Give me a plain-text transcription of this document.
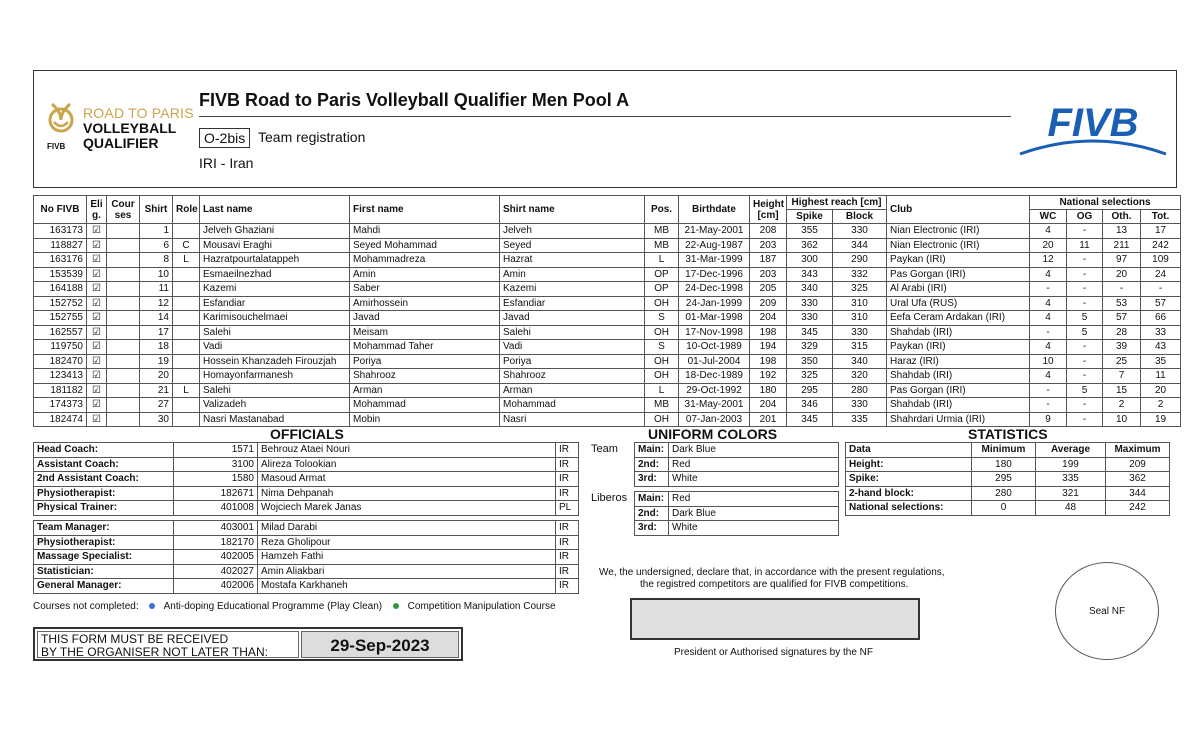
FIVB
ROAD TO PARIS
VOLLEYBALL
QUALIFIER
FIVB Road to Paris Volleyball Qualifier Men Pool A
O-2bis Team registration
IRI - Iran
FIVB
No FIVB	Eli g.	Cour ses	Shirt	Role	Last name	First name	Shirt name	Pos.	Birthdate	Height [cm]	Highest reach [cm]		Club	National selections			
											Spike	Block		WC	OG	Oth.	Tot.
163173	☑		1		Jelveh Ghaziani	Mahdi	Jelveh	MB	21-May-2001	208	355	330	Nian Electronic (IRI)	4	-	13	17
118827	☑		6	C	Mousavi Eraghi	Seyed Mohammad	Seyed	MB	22-Aug-1987	203	362	344	Nian Electronic (IRI)	20	11	211	242
163176	☑		8	L	Hazratpourtalatappeh	Mohammadreza	Hazrat	L	31-Mar-1999	187	300	290	Paykan (IRI)	12	-	97	109
153539	☑		10		Esmaeilnezhad	Amin	Amin	OP	17-Dec-1996	203	343	332	Pas Gorgan (IRI)	4	-	20	24
164188	☑		11		Kazemi	Saber	Kazemi	OP	24-Dec-1998	205	340	325	Al Arabi (IRI)	-	-	-	-
152752	☑		12		Esfandiar	Amirhossein	Esfandiar	OH	24-Jan-1999	209	330	310	Ural Ufa (RUS)	4	-	53	57
152755	☑		14		Karimisouchelmaei	Javad	Javad	S	01-Mar-1998	204	330	310	Eefa Ceram Ardakan (IRI)	4	5	57	66
162557	☑		17		Salehi	Meisam	Salehi	OH	17-Nov-1998	198	345	330	Shahdab (IRI)	-	5	28	33
119750	☑		18		Vadi	Mohammad Taher	Vadi	S	10-Oct-1989	194	329	315	Paykan (IRI)	4	-	39	43
182470	☑		19		Hossein Khanzadeh Firouzjah	Poriya	Poriya	OH	01-Jul-2004	198	350	340	Haraz (IRI)	10	-	25	35
123413	☑		20		Homayonfarmanesh	Shahrooz	Shahrooz	OH	18-Dec-1989	192	325	320	Shahdab (IRI)	4	-	7	11
181182	☑		21	L	Salehi	Arman	Arman	L	29-Oct-1992	180	295	280	Pas Gorgan (IRI)	-	5	15	20
174373	☑		27		Valizadeh	Mohammad	Mohammad	MB	31-May-2001	204	346	330	Shahdab (IRI)	-	-	2	2
182474	☑		30		Nasri Mastanabad	Mobin	Nasri	OH	07-Jan-2003	201	345	335	Shahrdari Urmia (IRI)	9	-	10	19
OFFICIALS	UNIFORM COLORS	STATISTICS
Head Coach:	1571	Behrouz Ataei Nouri	IR
Assistant Coach:	3100	Alireza Tolookian	IR
2nd Assistant Coach:	1580	Masoud Armat	IR
Physiotherapist:	182671	Nima Dehpanah	IR
Physical Trainer:	401008	Wojciech Marek Janas	PL
Team Manager:	403001	Milad Darabi	IR
Physiotherapist:	182170	Reza Gholipour	IR
Massage Specialist:	402005	Hamzeh Fathi	IR
Statistician:	402027	Amin Aliakbari	IR
General Manager:	402006	Mostafa Karkhaneh	IR
Team Main:	Dark Blue
2nd:	Red
3rd:	White
Liberos Main:	Red
2nd:	Dark Blue
3rd:	White
Data	Minimum	Average	Maximum
Height:	180	199	209
Spike:	295	335	362
2-hand block:	280	321	344
National selections:	0	48	242
Courses not completed:	Anti-doping Educational Programme (Play Clean)	Competition Manipulation Course
THIS FORM MUST BE RECEIVED
BY THE ORGANISER NOT LATER THAN:	29-Sep-2023
We, the undersigned, declare that, in accordance with the present regulations,
the registred competitors are qualified for FIVB competitions.
President or Authorised signatures by the NF
Seal NF
